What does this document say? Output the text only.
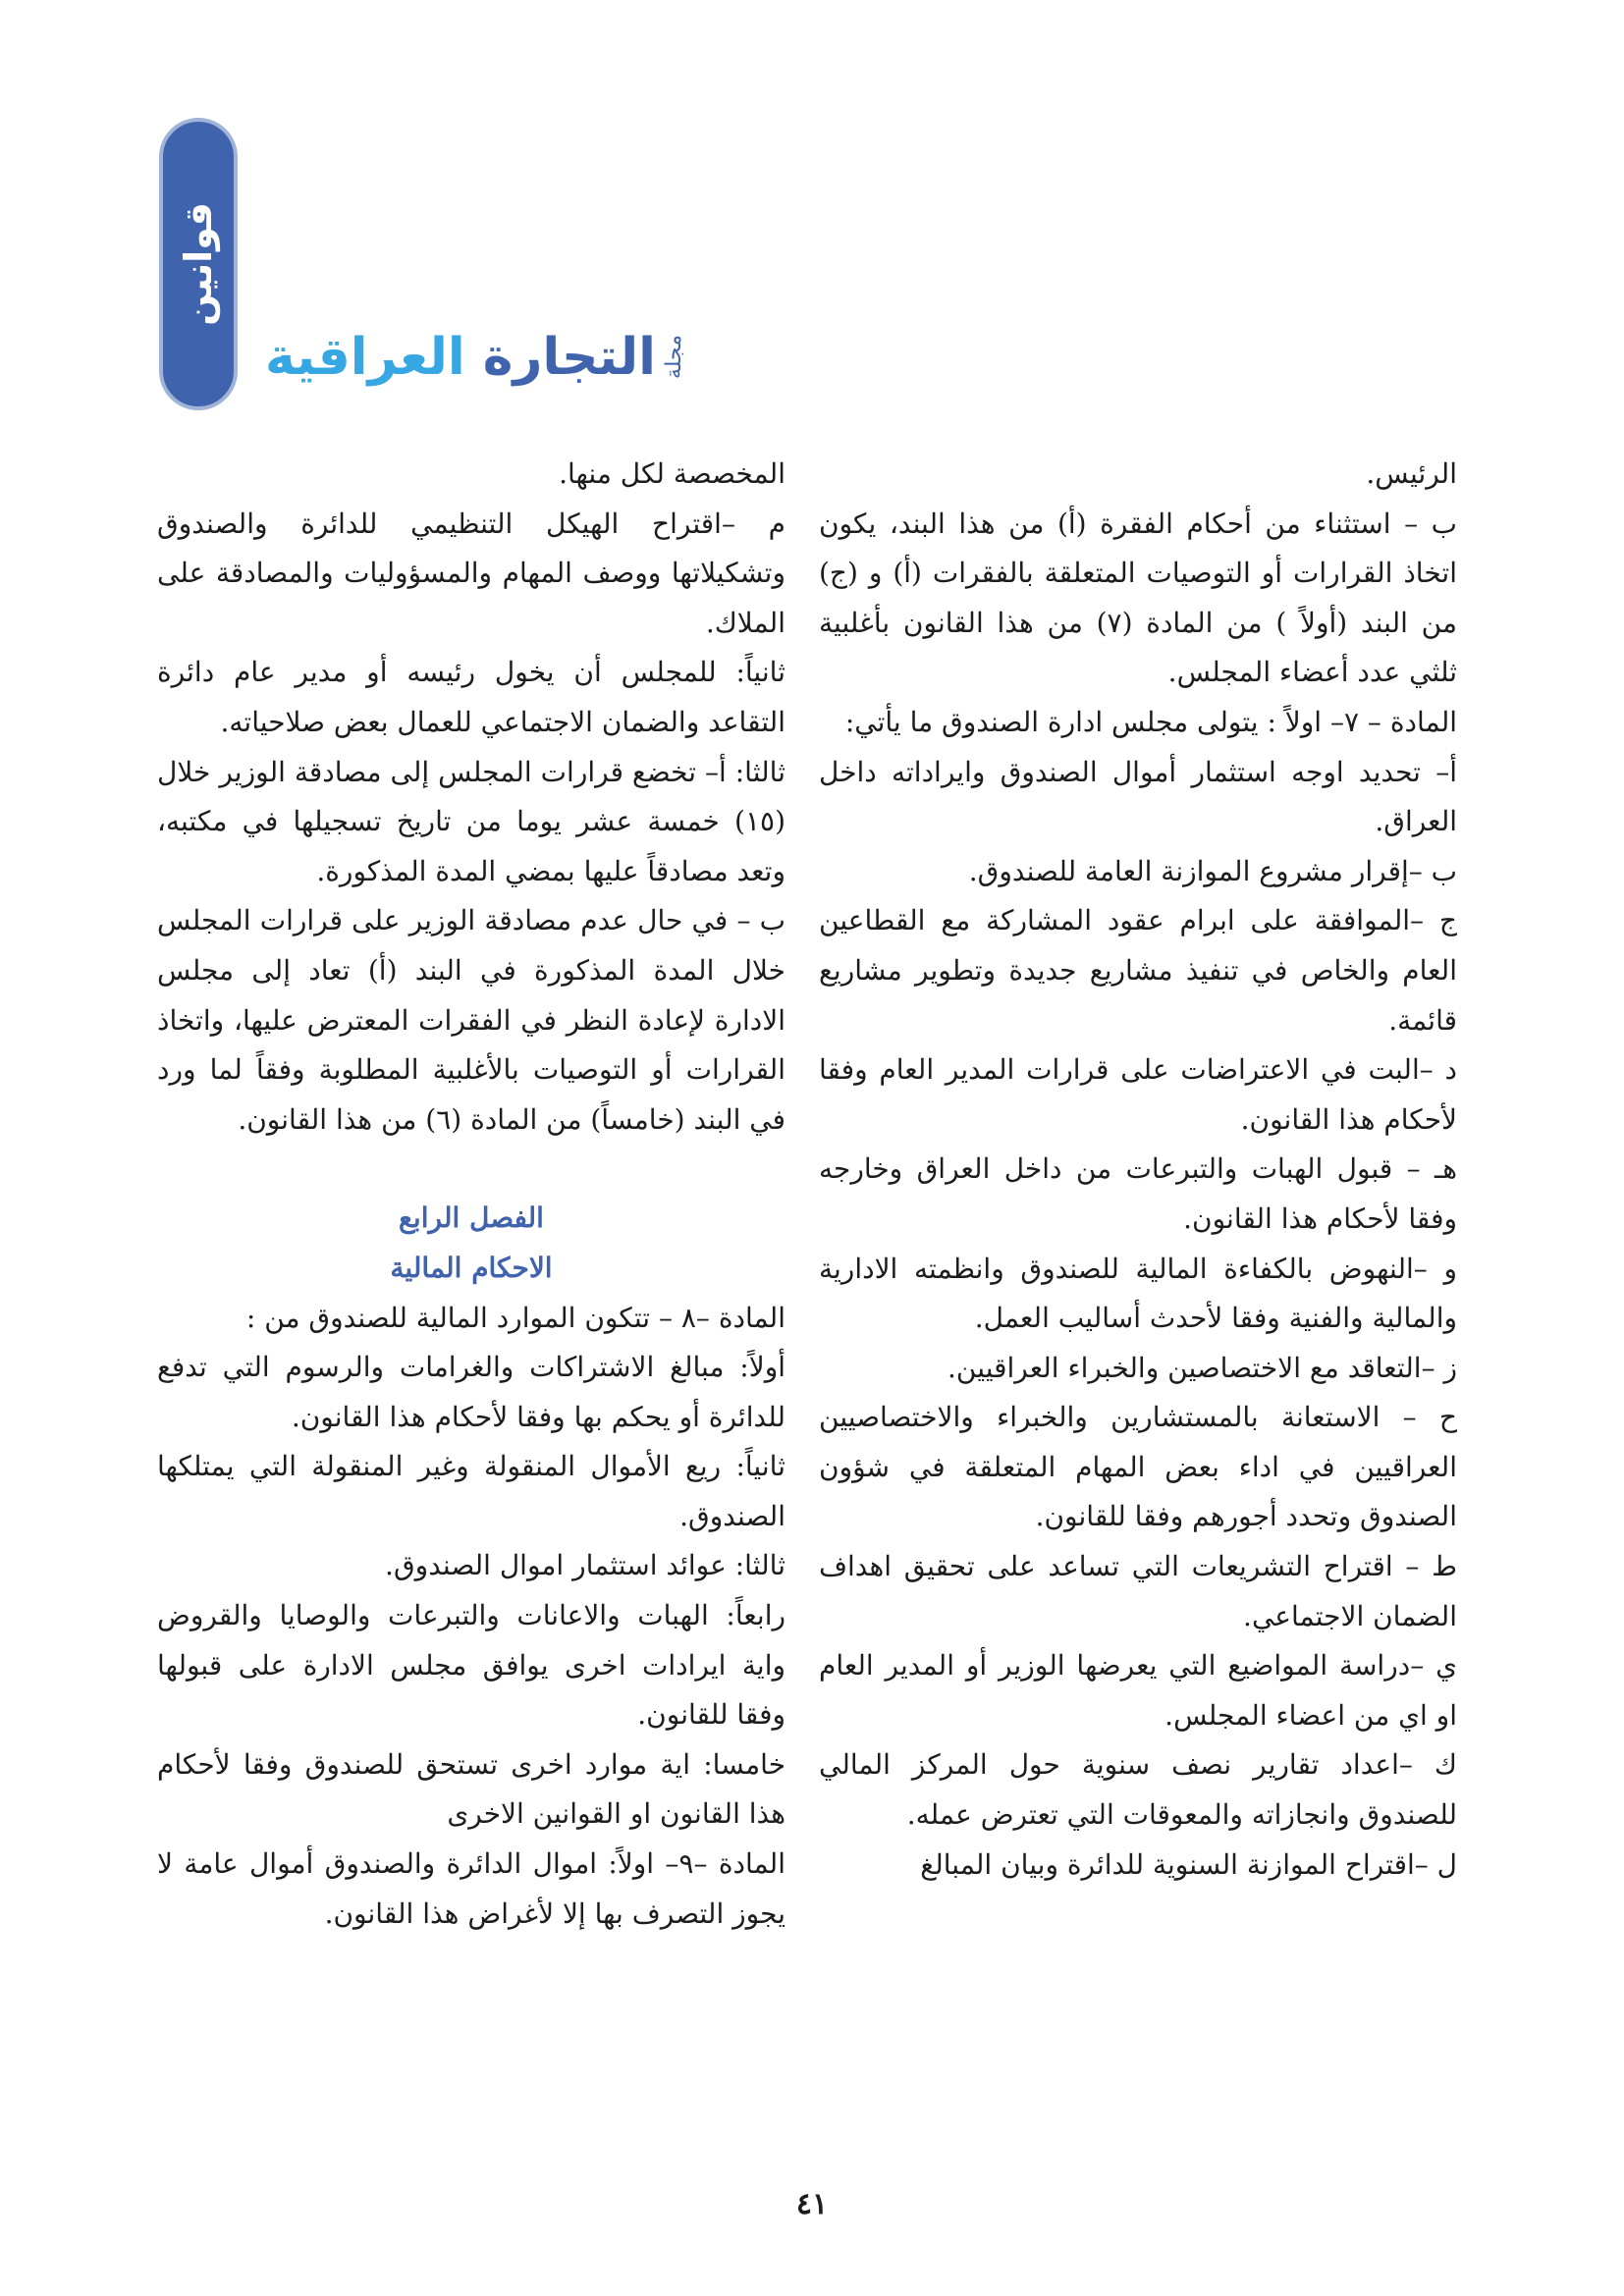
قوانين
مجلة
التجارة العراقية

الرئيس.

ب – استثناء من أحكام الفقرة (أ) من هذا البند، يكون اتخاذ القرارات أو التوصيات المتعلقة بالفقرات (أ) و (ج) من البند (أولاً ) من المادة (٧) من هذا القانون بأغلبية ثلثي عدد أعضاء المجلس.

المادة – ٧– اولاً : يتولى مجلس ادارة الصندوق ما يأتي:

أ– تحديد اوجه استثمار أموال الصندوق وايراداته داخل العراق.

ب –إقرار مشروع الموازنة العامة للصندوق.

ج –الموافقة على ابرام عقود المشاركة مع القطاعين العام والخاص في تنفيذ مشاريع جديدة وتطوير مشاريع قائمة.

د –البت في الاعتراضات على قرارات المدير العام وفقا لأحكام هذا القانون.

هـ – قبول الهبات والتبرعات من داخل العراق وخارجه وفقا لأحكام هذا القانون.

و –النهوض بالكفاءة المالية للصندوق وانظمته الادارية والمالية والفنية وفقا لأحدث أساليب العمل.

ز –التعاقد مع الاختصاصين والخبراء العراقيين.

ح – الاستعانة بالمستشارين والخبراء والاختصاصيين العراقيين في اداء بعض المهام المتعلقة في شؤون الصندوق وتحدد أجورهم وفقا للقانون.

ط – اقتراح التشريعات التي تساعد على تحقيق اهداف الضمان الاجتماعي.

ي –دراسة المواضيع التي يعرضها الوزير أو المدير العام او اي من اعضاء المجلس.

ك –اعداد تقارير نصف سنوية حول المركز المالي للصندوق وانجازاته والمعوقات التي تعترض عمله.

ل –اقتراح الموازنة السنوية للدائرة وبيان المبالغ

المخصصة لكل منها.

م –اقتراح الهيكل التنظيمي للدائرة والصندوق وتشكيلاتها ووصف المهام والمسؤوليات والمصادقة على الملاك.

ثانياً: للمجلس أن يخول رئيسه أو مدير عام دائرة التقاعد والضمان الاجتماعي للعمال بعض صلاحياته.

ثالثا: أ– تخضع قرارات المجلس إلى مصادقة الوزير خلال (١٥) خمسة عشر يوما من تاريخ تسجيلها في مكتبه، وتعد مصادقاً عليها بمضي المدة المذكورة.

ب – في حال عدم مصادقة الوزير على قرارات المجلس خلال المدة المذكورة في البند (أ) تعاد إلى مجلس الادارة لإعادة النظر في الفقرات المعترض عليها، واتخاذ القرارات أو التوصيات بالأغلبية المطلوبة وفقاً لما ورد في البند (خامساً) من المادة (٦) من هذا القانون.

الفصل الرابع

الاحكام المالية

المادة –٨ – تتكون الموارد المالية للصندوق من :

أولاً: مبالغ الاشتراكات والغرامات والرسوم التي تدفع للدائرة أو يحكم بها وفقا لأحكام هذا القانون.

ثانياً: ريع الأموال المنقولة وغير المنقولة التي يمتلكها الصندوق.

ثالثا: عوائد استثمار اموال الصندوق.

رابعاً: الهبات والاعانات والتبرعات والوصايا والقروض واية ايرادات اخرى يوافق مجلس الادارة على قبولها وفقا للقانون.

خامسا: اية موارد اخرى تستحق للصندوق وفقا لأحكام هذا القانون او القوانين الاخرى

المادة –٩– اولاً: اموال الدائرة والصندوق أموال عامة لا يجوز التصرف بها إلا لأغراض هذا القانون.

٤١
